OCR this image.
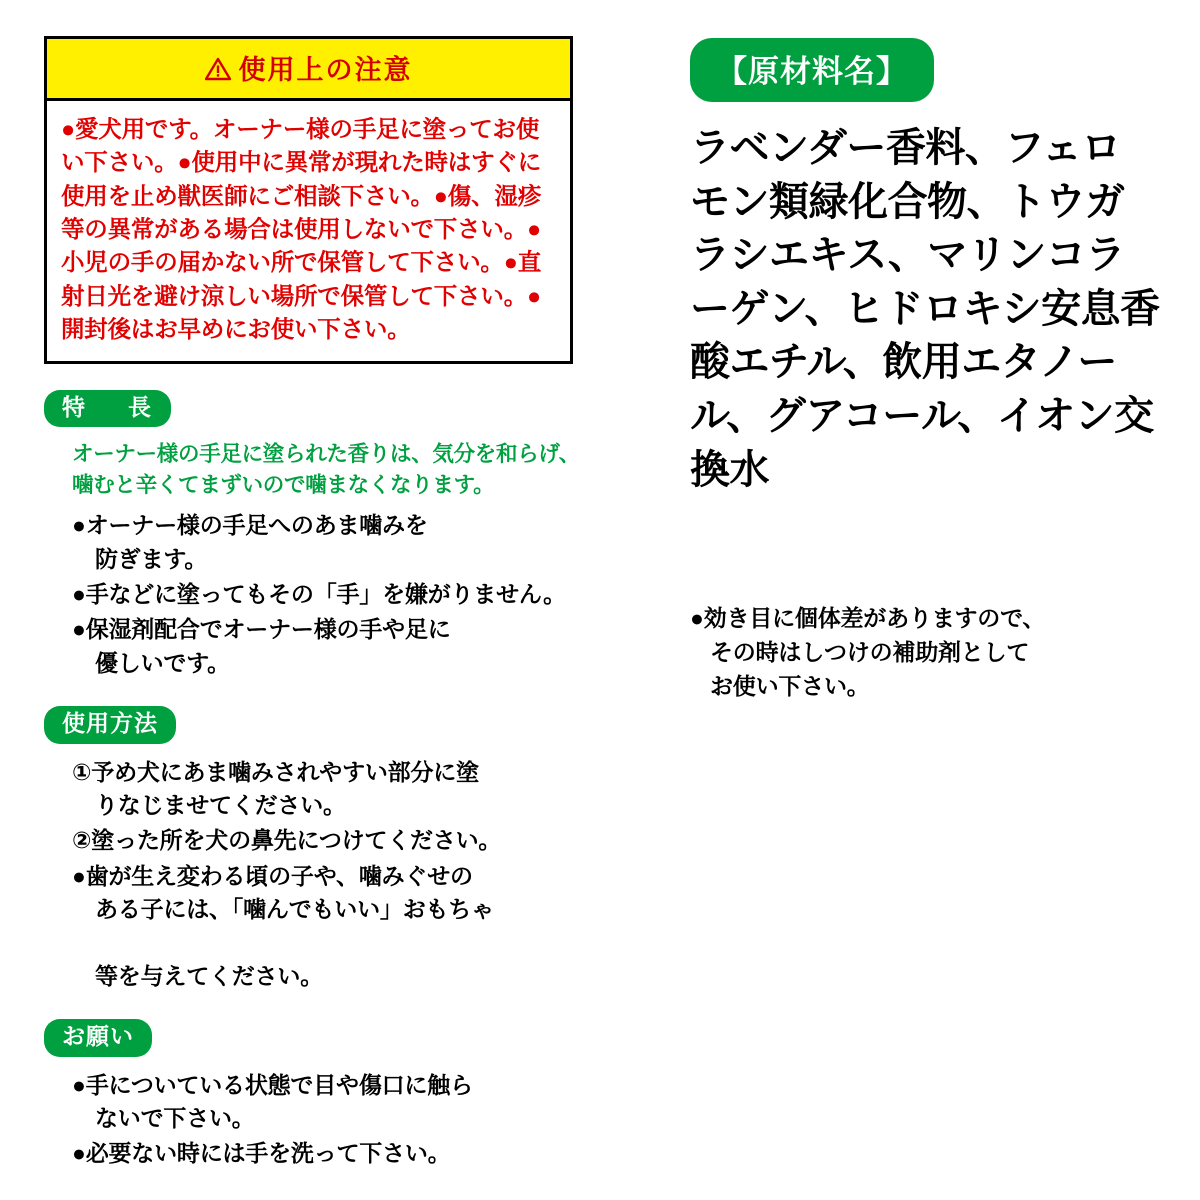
使用上の注意
●愛犬用です。オーナー様の手足に塗ってお使い下さい。●使用中に異常が現れた時はすぐに使用を止め獣医師にご相談下さい。●傷、湿疹等の異常がある場合は使用しないで下さい。●小児の手の届かない所で保管して下さい。●直射日光を避け涼しい場所で保管して下さい。●開封後はお早めにお使い下さい。
特　長
オーナー様の手足に塗られた香りは、気分を和らげ、噛むと辛くてまずいので噛まなくなります。

●オーナー様の手足へのあま噛みを

防ぎます。

●手などに塗ってもその「手」を嫌がりません。

●保湿剤配合でオーナー様の手や足に

優しいです。

使用方法

①予め犬にあま噛みされやすい部分に塗

りなじませてください。

②塗った所を犬の鼻先につけてください。

●歯が生え変わる頃の子や、噛みぐせの

ある子には、「噛んでもいい」おもちゃ

等を与えてください。

お願い

●手についている状態で目や傷口に触ら

ないで下さい。

●必要ない時には手を洗って下さい。

【原材料名】
ラベンダー香料、フェロモン類緑化合物、トウガラシエキス、マリンコラーゲン、ヒドロキシ安息香酸エチル、飲用エタノール、グアコール、イオン交換水

●効き目に個体差がありますので、

その時はしつけの補助剤として

お使い下さい。
